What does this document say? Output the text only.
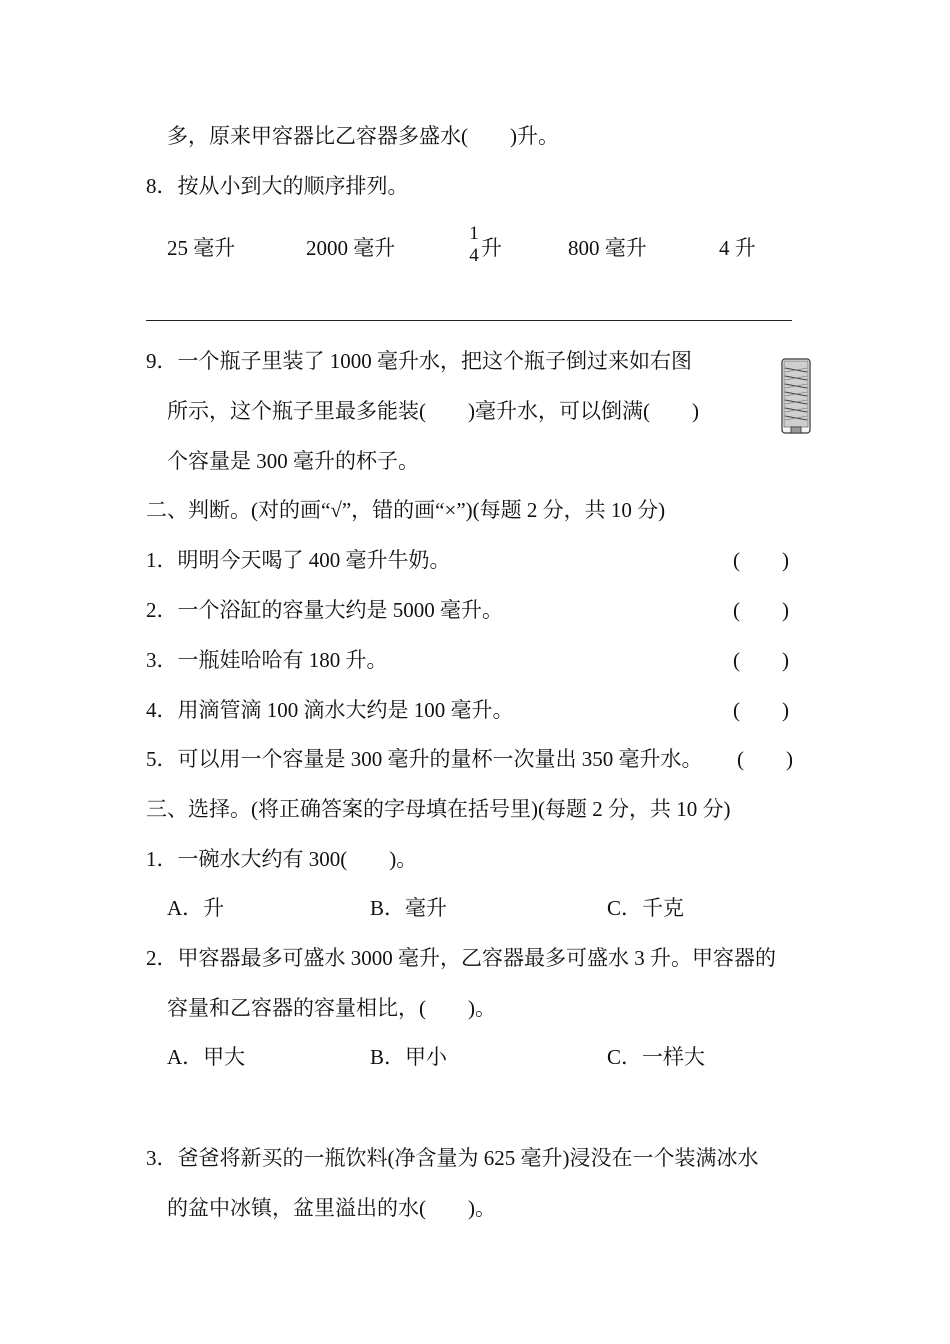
多，原来甲容器比乙容器多盛水(　　)升。
8．按从小到大的顺序排列。
25 毫升	2000 毫升
1
4 升	800 毫升	4 升
9．一个瓶子里装了 1000 毫升水，把这个瓶子倒过来如右图
所示，这个瓶子里最多能装(　　)毫升水，可以倒满(　　)
个容量是 300 毫升的杯子。
二、判断。(对的画“√”，错的画“×”)(每题 2 分，共 10 分)
1．明明今天喝了 400 毫升牛奶。	(　　)
2．一个浴缸的容量大约是 5000 毫升。	(　　)
3．一瓶娃哈哈有 180 升。	(　　)
4．用滴管滴 100 滴水大约是 100 毫升。	(　　)
5．可以用一个容量是 300 毫升的量杯一次量出 350 毫升水。 (　　)
三、选择。(将正确答案的字母填在括号里)(每题 2 分，共 10 分)
1．一碗水大约有 300(　　)。
A．升	B．毫升	C．千克
2．甲容器最多可盛水 3000 毫升，乙容器最多可盛水 3 升。甲容器的
容量和乙容器的容量相比，(　　)。
A．甲大	B．甲小	C．一样大
3．爸爸将新买的一瓶饮料(净含量为 625 毫升)浸没在一个装满冰水
的盆中冰镇，盆里溢出的水(　　)。
